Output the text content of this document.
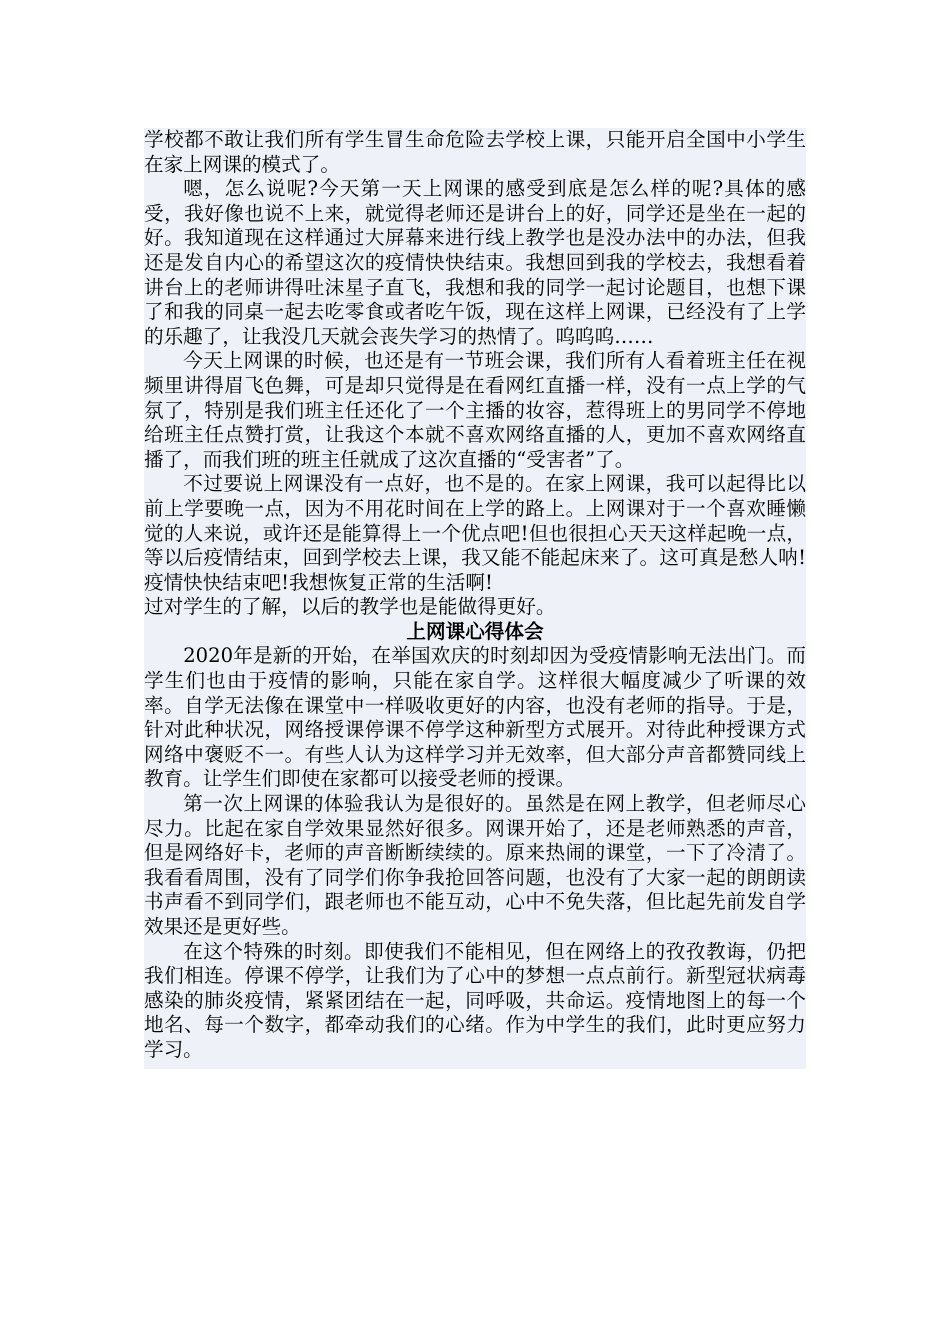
学校都不敢让我们所有学生冒生命危险去学校上课，只能开启全国中小学生在家上网课的模式了。

嗯，怎么说呢?今天第一天上网课的感受到底是怎么样的呢?具体的感受，我好像也说不上来，就觉得老师还是讲台上的好，同学还是坐在一起的好。我知道现在这样通过大屏幕来进行线上教学也是没办法中的办法，但我还是发自内心的希望这次的疫情快快结束。我想回到我的学校去，我想看着讲台上的老师讲得吐沫星子直飞，我想和我的同学一起讨论题目，也想下课了和我的同桌一起去吃零食或者吃午饭，现在这样上网课，已经没有了上学的乐趣了，让我没几天就会丧失学习的热情了。呜呜呜……

今天上网课的时候，也还是有一节班会课，我们所有人看着班主任在视频里讲得眉飞色舞，可是却只觉得是在看网红直播一样，没有一点上学的气氛了，特别是我们班主任还化了一个主播的妆容，惹得班上的男同学不停地给班主任点赞打赏，让我这个本就不喜欢网络直播的人，更加不喜欢网络直播了，而我们班的班主任就成了这次直播的“受害者”了。

不过要说上网课没有一点好，也不是的。在家上网课，我可以起得比以前上学要晚一点，因为不用花时间在上学的路上。上网课对于一个喜欢睡懒觉的人来说，或许还是能算得上一个优点吧!但也很担心天天这样起晚一点，等以后疫情结束，回到学校去上课，我又能不能起床来了。这可真是愁人呐!疫情快快结束吧!我想恢复正常的生活啊!

过对学生的了解，以后的教学也是能做得更好。

上网课心得体会

2020年是新的开始，在举国欢庆的时刻却因为受疫情影响无法出门。而学生们也由于疫情的影响，只能在家自学。这样很大幅度减少了听课的效率。自学无法像在课堂中一样吸收更好的内容，也没有老师的指导。于是，针对此种状况，网络授课停课不停学这种新型方式展开。对待此种授课方式网络中褒贬不一。有些人认为这样学习并无效率，但大部分声音都赞同线上教育。让学生们即使在家都可以接受老师的授课。

第一次上网课的体验我认为是很好的。虽然是在网上教学，但老师尽心尽力。比起在家自学效果显然好很多。网课开始了，还是老师熟悉的声音，但是网络好卡，老师的声音断断续续的。原来热闹的课堂，一下了冷清了。我看看周围，没有了同学们你争我抢回答问题，也没有了大家一起的朗朗读书声看不到同学们，跟老师也不能互动，心中不免失落，但比起先前发自学效果还是更好些。

在这个特殊的时刻。即使我们不能相见，但在网络上的孜孜教诲，仍把我们相连。停课不停学，让我们为了心中的梦想一点点前行。新型冠状病毒感染的肺炎疫情，紧紧团结在一起，同呼吸，共命运。疫情地图上的每一个地名、每一个数字，都牵动我们的心绪。作为中学生的我们，此时更应努力学习。
